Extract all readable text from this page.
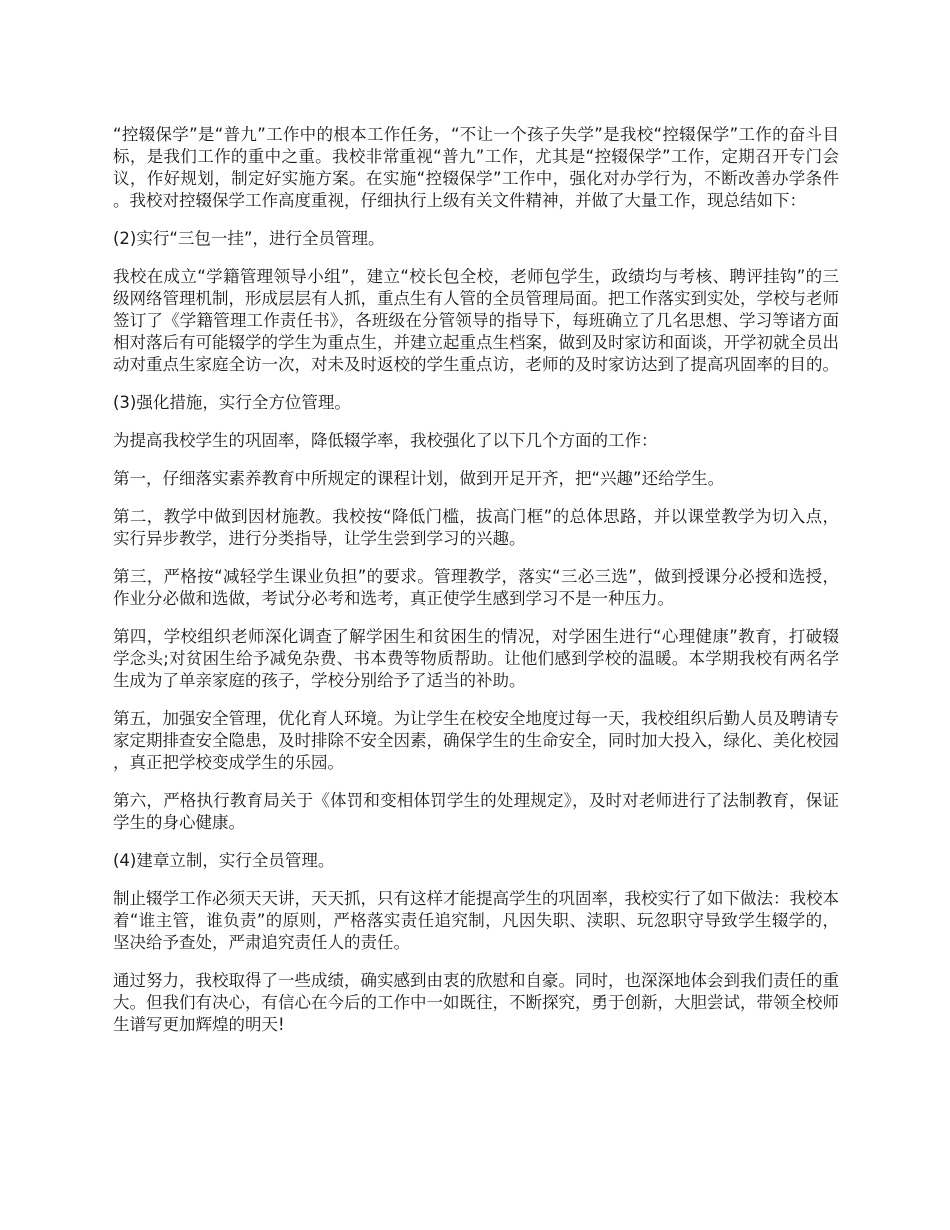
“控辍保学”是“普九”工作中的根本工作任务，“不让一个孩子失学”是我校“控辍保学”工作的奋斗目标，是我们工作的重中之重。我校非常重视“普九”工作，尤其是“控辍保学”工作，定期召开专门会议，作好规划，制定好实施方案。在实施“控辍保学”工作中，强化对办学行为，不断改善办学条件。我校对控辍保学工作高度重视，仔细执行上级有关文件精神，并做了大量工作，现总结如下：

(2)实行“三包一挂”，进行全员管理。

我校在成立“学籍管理领导小组”，建立“校长包全校，老师包学生，政绩均与考核、聘评挂钩”的三级网络管理机制，形成层层有人抓，重点生有人管的全员管理局面。把工作落实到实处，学校与老师签订了《学籍管理工作责任书》，各班级在分管领导的指导下，每班确立了几名思想、学习等诸方面相对落后有可能辍学的学生为重点生，并建立起重点生档案，做到及时家访和面谈，开学初就全员出动对重点生家庭全访一次，对未及时返校的学生重点访，老师的及时家访达到了提高巩固率的目的。

(3)强化措施，实行全方位管理。

为提高我校学生的巩固率，降低辍学率，我校强化了以下几个方面的工作：

第一，仔细落实素养教育中所规定的课程计划，做到开足开齐，把“兴趣”还给学生。

第二，教学中做到因材施教。我校按“降低门槛，拔高门框”的总体思路，并以课堂教学为切入点，实行异步教学，进行分类指导，让学生尝到学习的兴趣。

第三，严格按“减轻学生课业负担”的要求。管理教学，落实“三必三选”，做到授课分必授和选授，作业分必做和选做，考试分必考和选考，真正使学生感到学习不是一种压力。

第四，学校组织老师深化调查了解学困生和贫困生的情况，对学困生进行“心理健康”教育，打破辍学念头;对贫困生给予减免杂费、书本费等物质帮助。让他们感到学校的温暖。本学期我校有两名学生成为了单亲家庭的孩子，学校分别给予了适当的补助。

第五，加强安全管理，优化育人环境。为让学生在校安全地度过每一天，我校组织后勤人员及聘请专家定期排查安全隐患，及时排除不安全因素，确保学生的生命安全，同时加大投入，绿化、美化校园，真正把学校变成学生的乐园。

第六，严格执行教育局关于《体罚和变相体罚学生的处理规定》，及时对老师进行了法制教育，保证学生的身心健康。

(4)建章立制，实行全员管理。

制止辍学工作必须天天讲，天天抓，只有这样才能提高学生的巩固率，我校实行了如下做法：我校本着“谁主管，谁负责”的原则，严格落实责任追究制，凡因失职、渎职、玩忽职守导致学生辍学的，坚决给予查处，严肃追究责任人的责任。

通过努力，我校取得了一些成绩，确实感到由衷的欣慰和自豪。同时，也深深地体会到我们责任的重大。但我们有决心，有信心在今后的工作中一如既往，不断探究，勇于创新，大胆尝试，带领全校师生谱写更加辉煌的明天!
